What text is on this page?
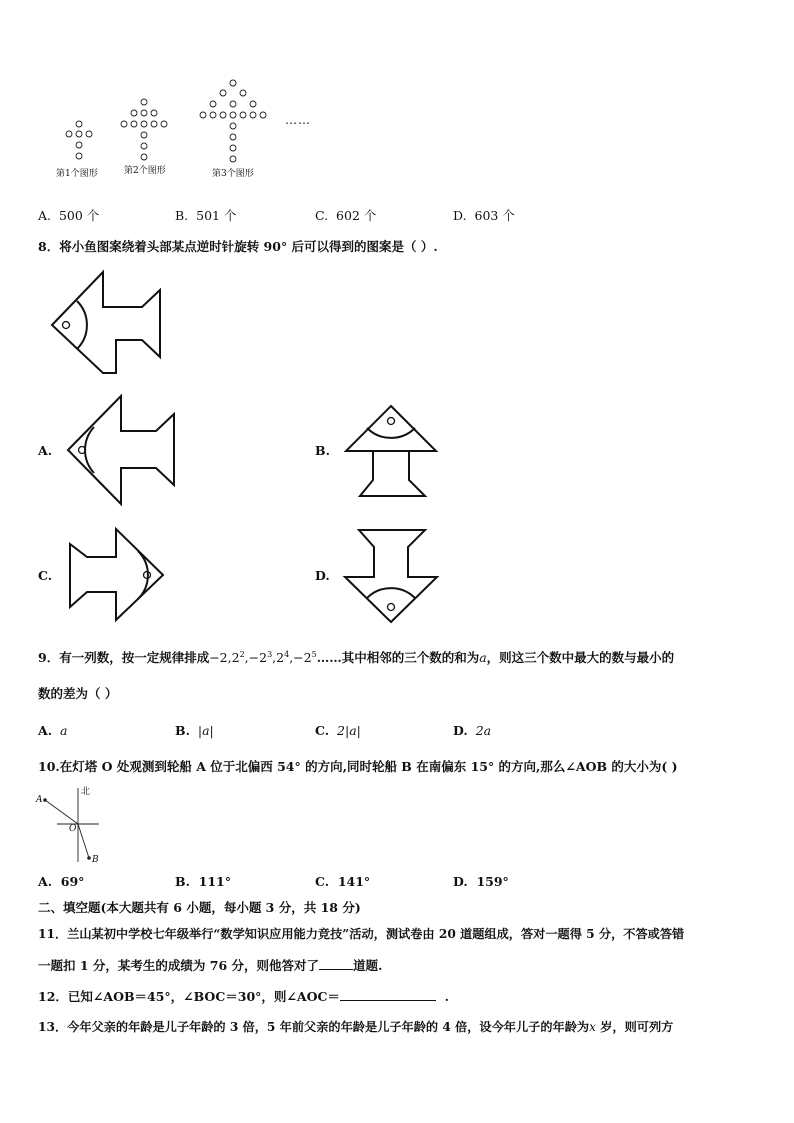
第1个图形	第2个图形	第3个图形
……
A. 500 个	B. 501 个	C. 602 个	D. 603 个
8．将小鱼图案绕着头部某点逆时针旋转 90° 后可以得到的图案是（ ）.
A.	B.
C.	D.
9．有一列数，按一定规律排成$-2,2^2,-2^3,2^4,-2^5\dots\dots$其中相邻的三个数的和为a，则这三个数中最大的数与最小的
数的差为（ ）
A. a	B. |a|	C. 2|a|	D. 2a
10.在灯塔 O 处观测到轮船 A 位于北偏西 54° 的方向,同时轮船 B 在南偏东 15° 的方向,那么∠AOB 的大小为( )
北
A
O
B
A. 69°	B. 111°	C. 141°	D. 159°
二、填空题(本大题共有 6 小题，每小题 3 分，共 18 分)
11．兰山某初中学校七年级举行“数学知识应用能力竞技”活动，测试卷由 20 道题组成，答对一题得 5 分，不答或答错
一题扣 1 分，某考生的成绩为 76 分，则他答对了	道题.
12．已知∠AOB＝45°，∠BOC＝30°，则∠AOC＝	.
13．今年父亲的年龄是儿子年龄的 3 倍，5 年前父亲的年龄是儿子年龄的 4 倍，设今年儿子的年龄为x 岁，则可列方
